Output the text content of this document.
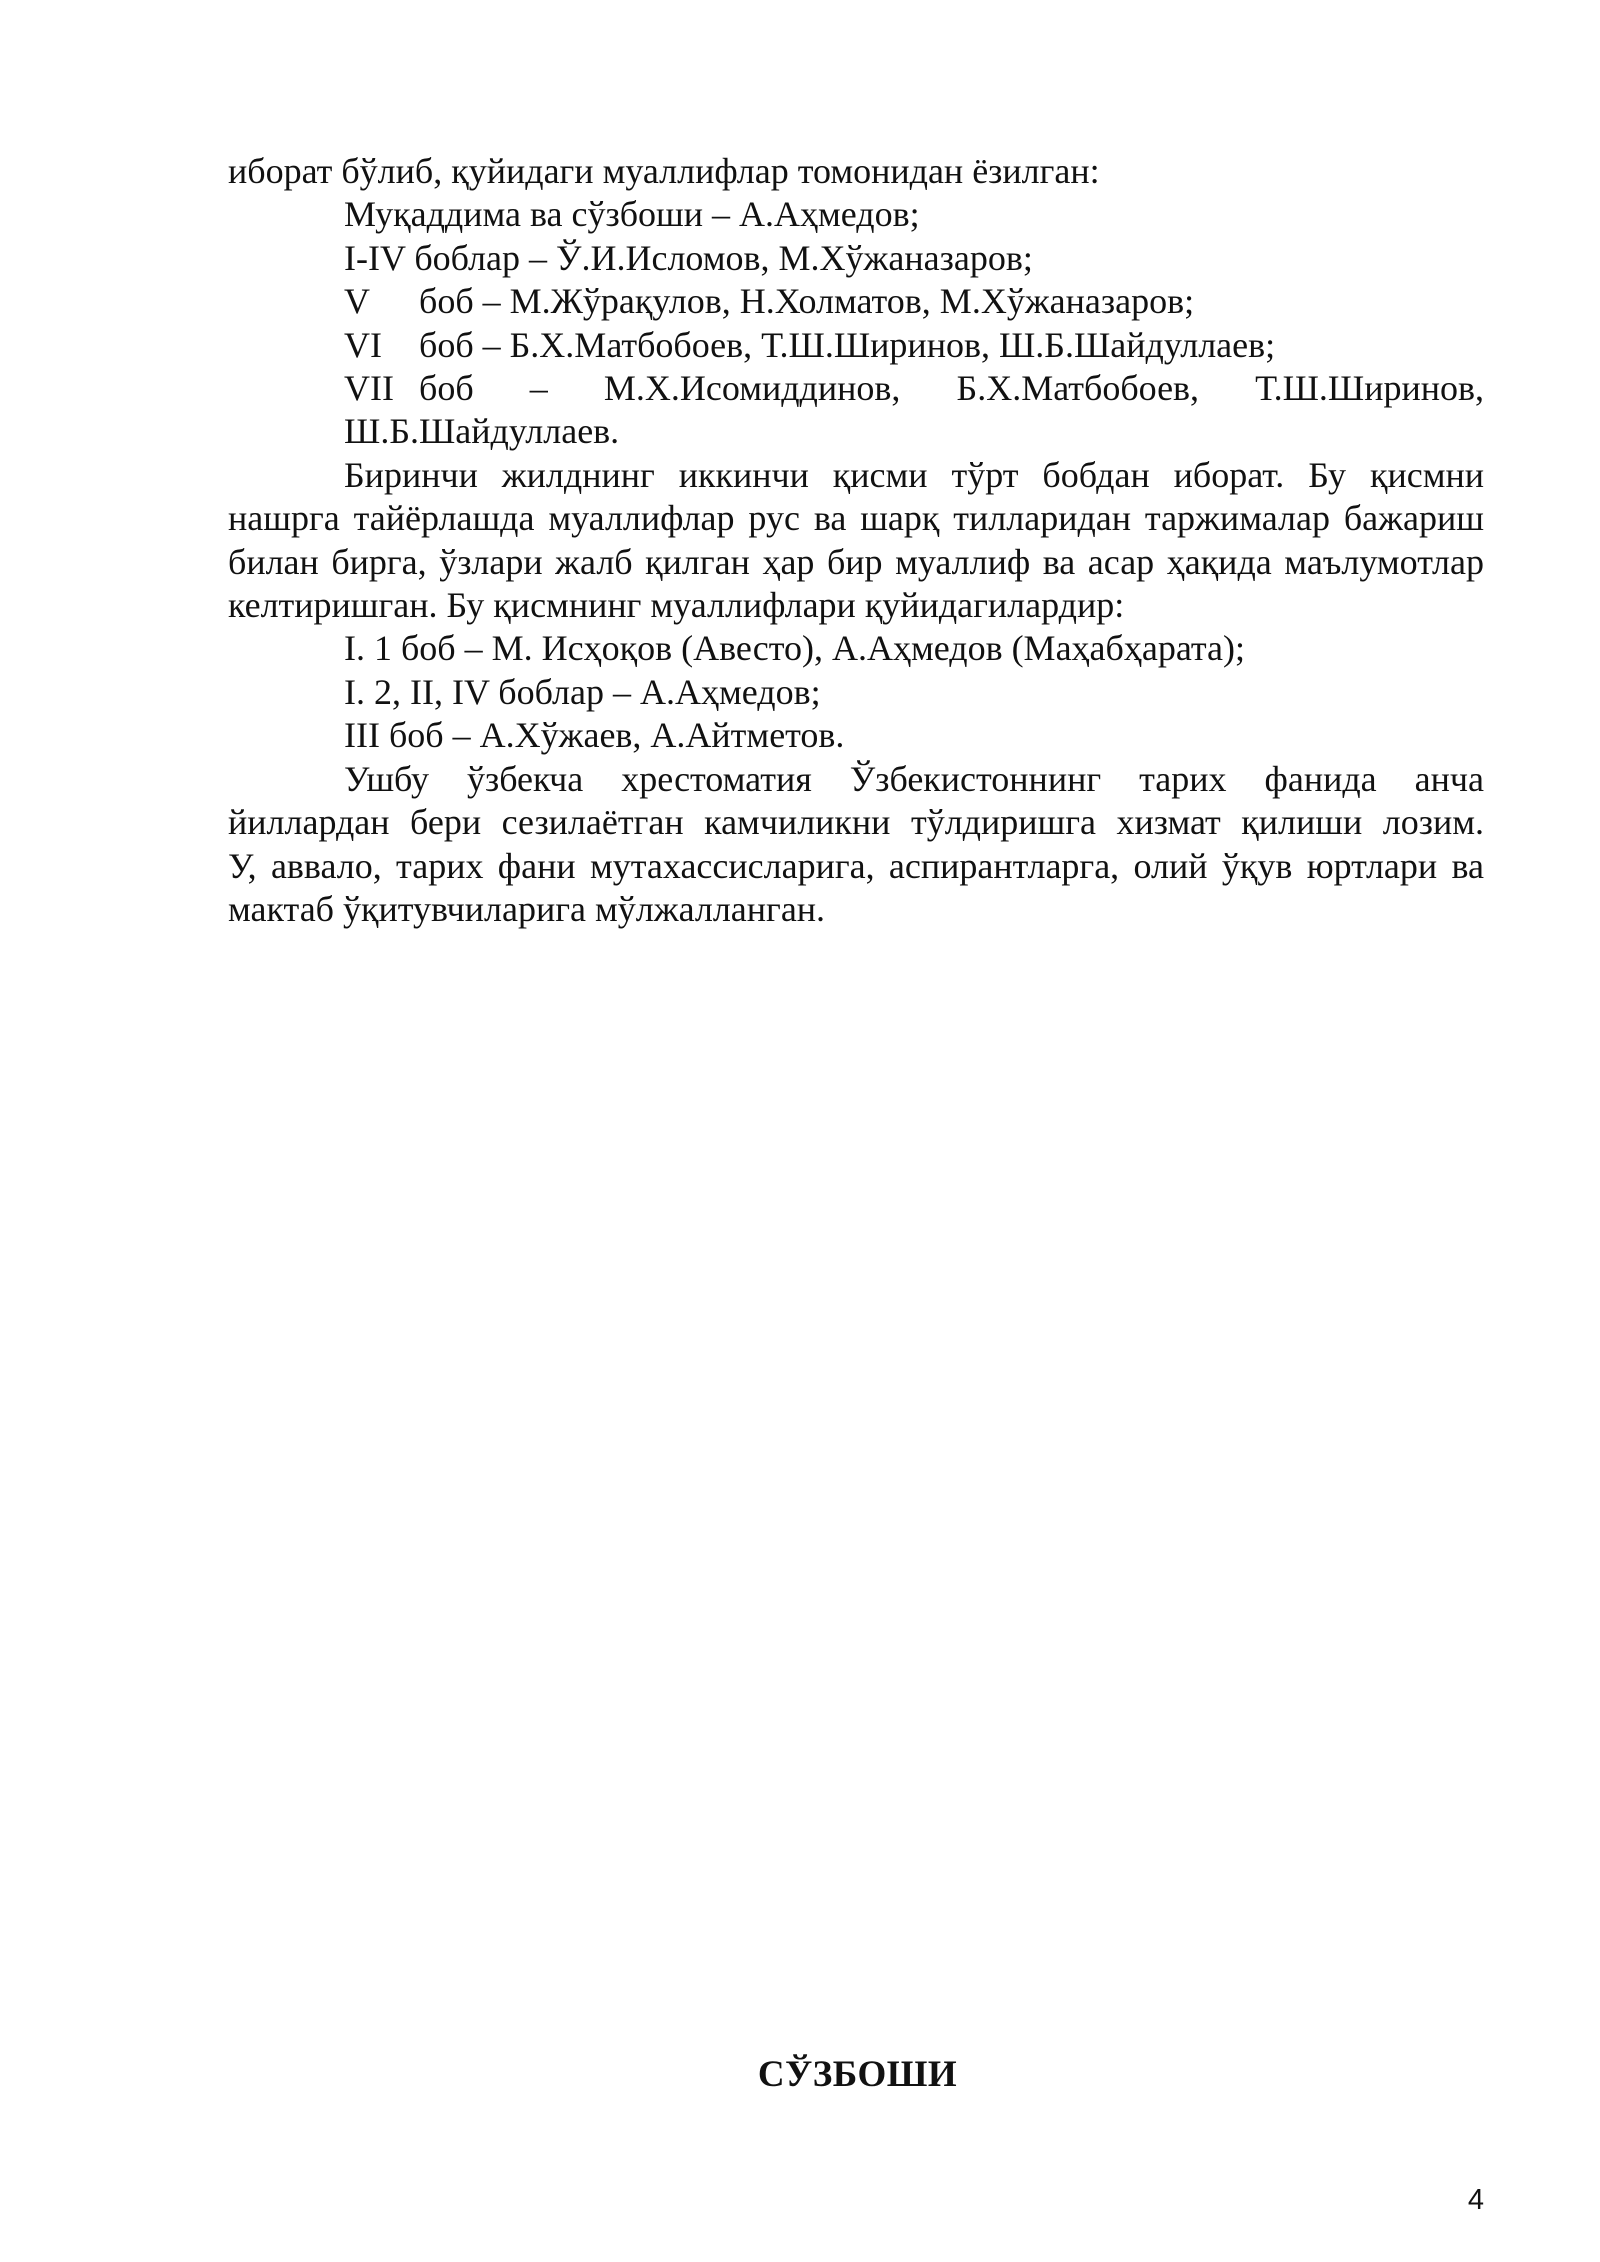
иборат бўлиб, қуйидаги муаллифлар томонидан ёзилган:
Муқаддима ва сўзбоши – А.Аҳмедов;
I-IV боблар – Ў.И.Исломов, М.Хўжаназаров;
V	боб – М.Жўрақулов, Н.Холматов, М.Хўжаназаров;
VI	боб – Б.Х.Матбобоев, Т.Ш.Ширинов, Ш.Б.Шайдуллаев;
VII боб – М.Х.Исомиддинов, Б.Х.Матбобоев, Т.Ш.Ширинов,
Ш.Б.Шайдуллаев.
Биринчи жилднинг иккинчи қисми тўрт бобдан иборат. Бу қисмни
нашрга тайёрлашда муаллифлар рус ва шарқ тилларидан таржималар бажариш
билан бирга, ўзлари жалб қилган ҳар бир муаллиф ва асар ҳақида маълумотлар
келтиришган. Бу қисмнинг муаллифлари қуйидагилардир:
I. 1 боб – М. Исҳоқов (Авесто), А.Аҳмедов (Маҳабҳарата);
I. 2, II, IV боблар – А.Аҳмедов;
III боб – А.Хўжаев, А.Айтметов.
Ушбу ўзбекча хрестоматия Ўзбекистоннинг тарих фанида анча
йиллардан бери сезилаётган камчиликни тўлдиришга хизмат қилиши лозим.
У, аввало, тарих фани мутахассисларига, аспирантларга, олий ўқув юртлари ва
мактаб ўқитувчиларига мўлжалланган.
СЎЗБОШИ
4
